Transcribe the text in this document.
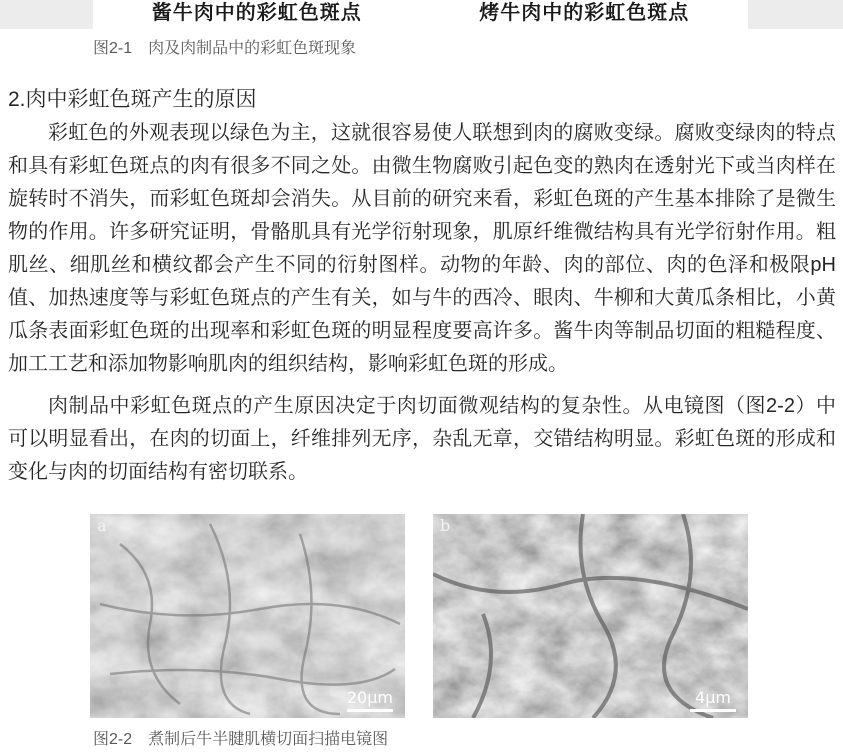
酱牛肉中的彩虹色斑点	烤牛肉中的彩虹色斑点
图2-1　肉及肉制品中的彩虹色斑现象
2.肉中彩虹色斑产生的原因
彩虹色的外观表现以绿色为主，这就很容易使人联想到肉的腐败变绿。腐败变绿肉的特点和具有彩虹色斑点的肉有很多不同之处。由微生物腐败引起色变的熟肉在透射光下或当肉样在旋转时不消失，而彩虹色斑却会消失。从目前的研究来看，彩虹色斑的产生基本排除了是微生物的作用。许多研究证明，骨骼肌具有光学衍射现象，肌原纤维微结构具有光学衍射作用。粗肌丝、细肌丝和横纹都会产生不同的衍射图样。动物的年龄、肉的部位、肉的色泽和极限pH值、加热速度等与彩虹色斑点的产生有关，如与牛的西冷、眼肉、牛柳和大黄瓜条相比，小黄瓜条表面彩虹色斑的出现率和彩虹色斑的明显程度要高许多。酱牛肉等制品切面的粗糙程度、加工工艺和添加物影响肌肉的组织结构，影响彩虹色斑的形成。
肉制品中彩虹色斑点的产生原因决定于肉切面微观结构的复杂性。从电镜图（图2-2）中可以明显看出，在肉的切面上，纤维排列无序，杂乱无章，交错结构明显。彩虹色斑的形成和变化与肉的切面结构有密切联系。
a
20μm
b
4μm
图2-2　煮制后牛半腱肌横切面扫描电镜图
